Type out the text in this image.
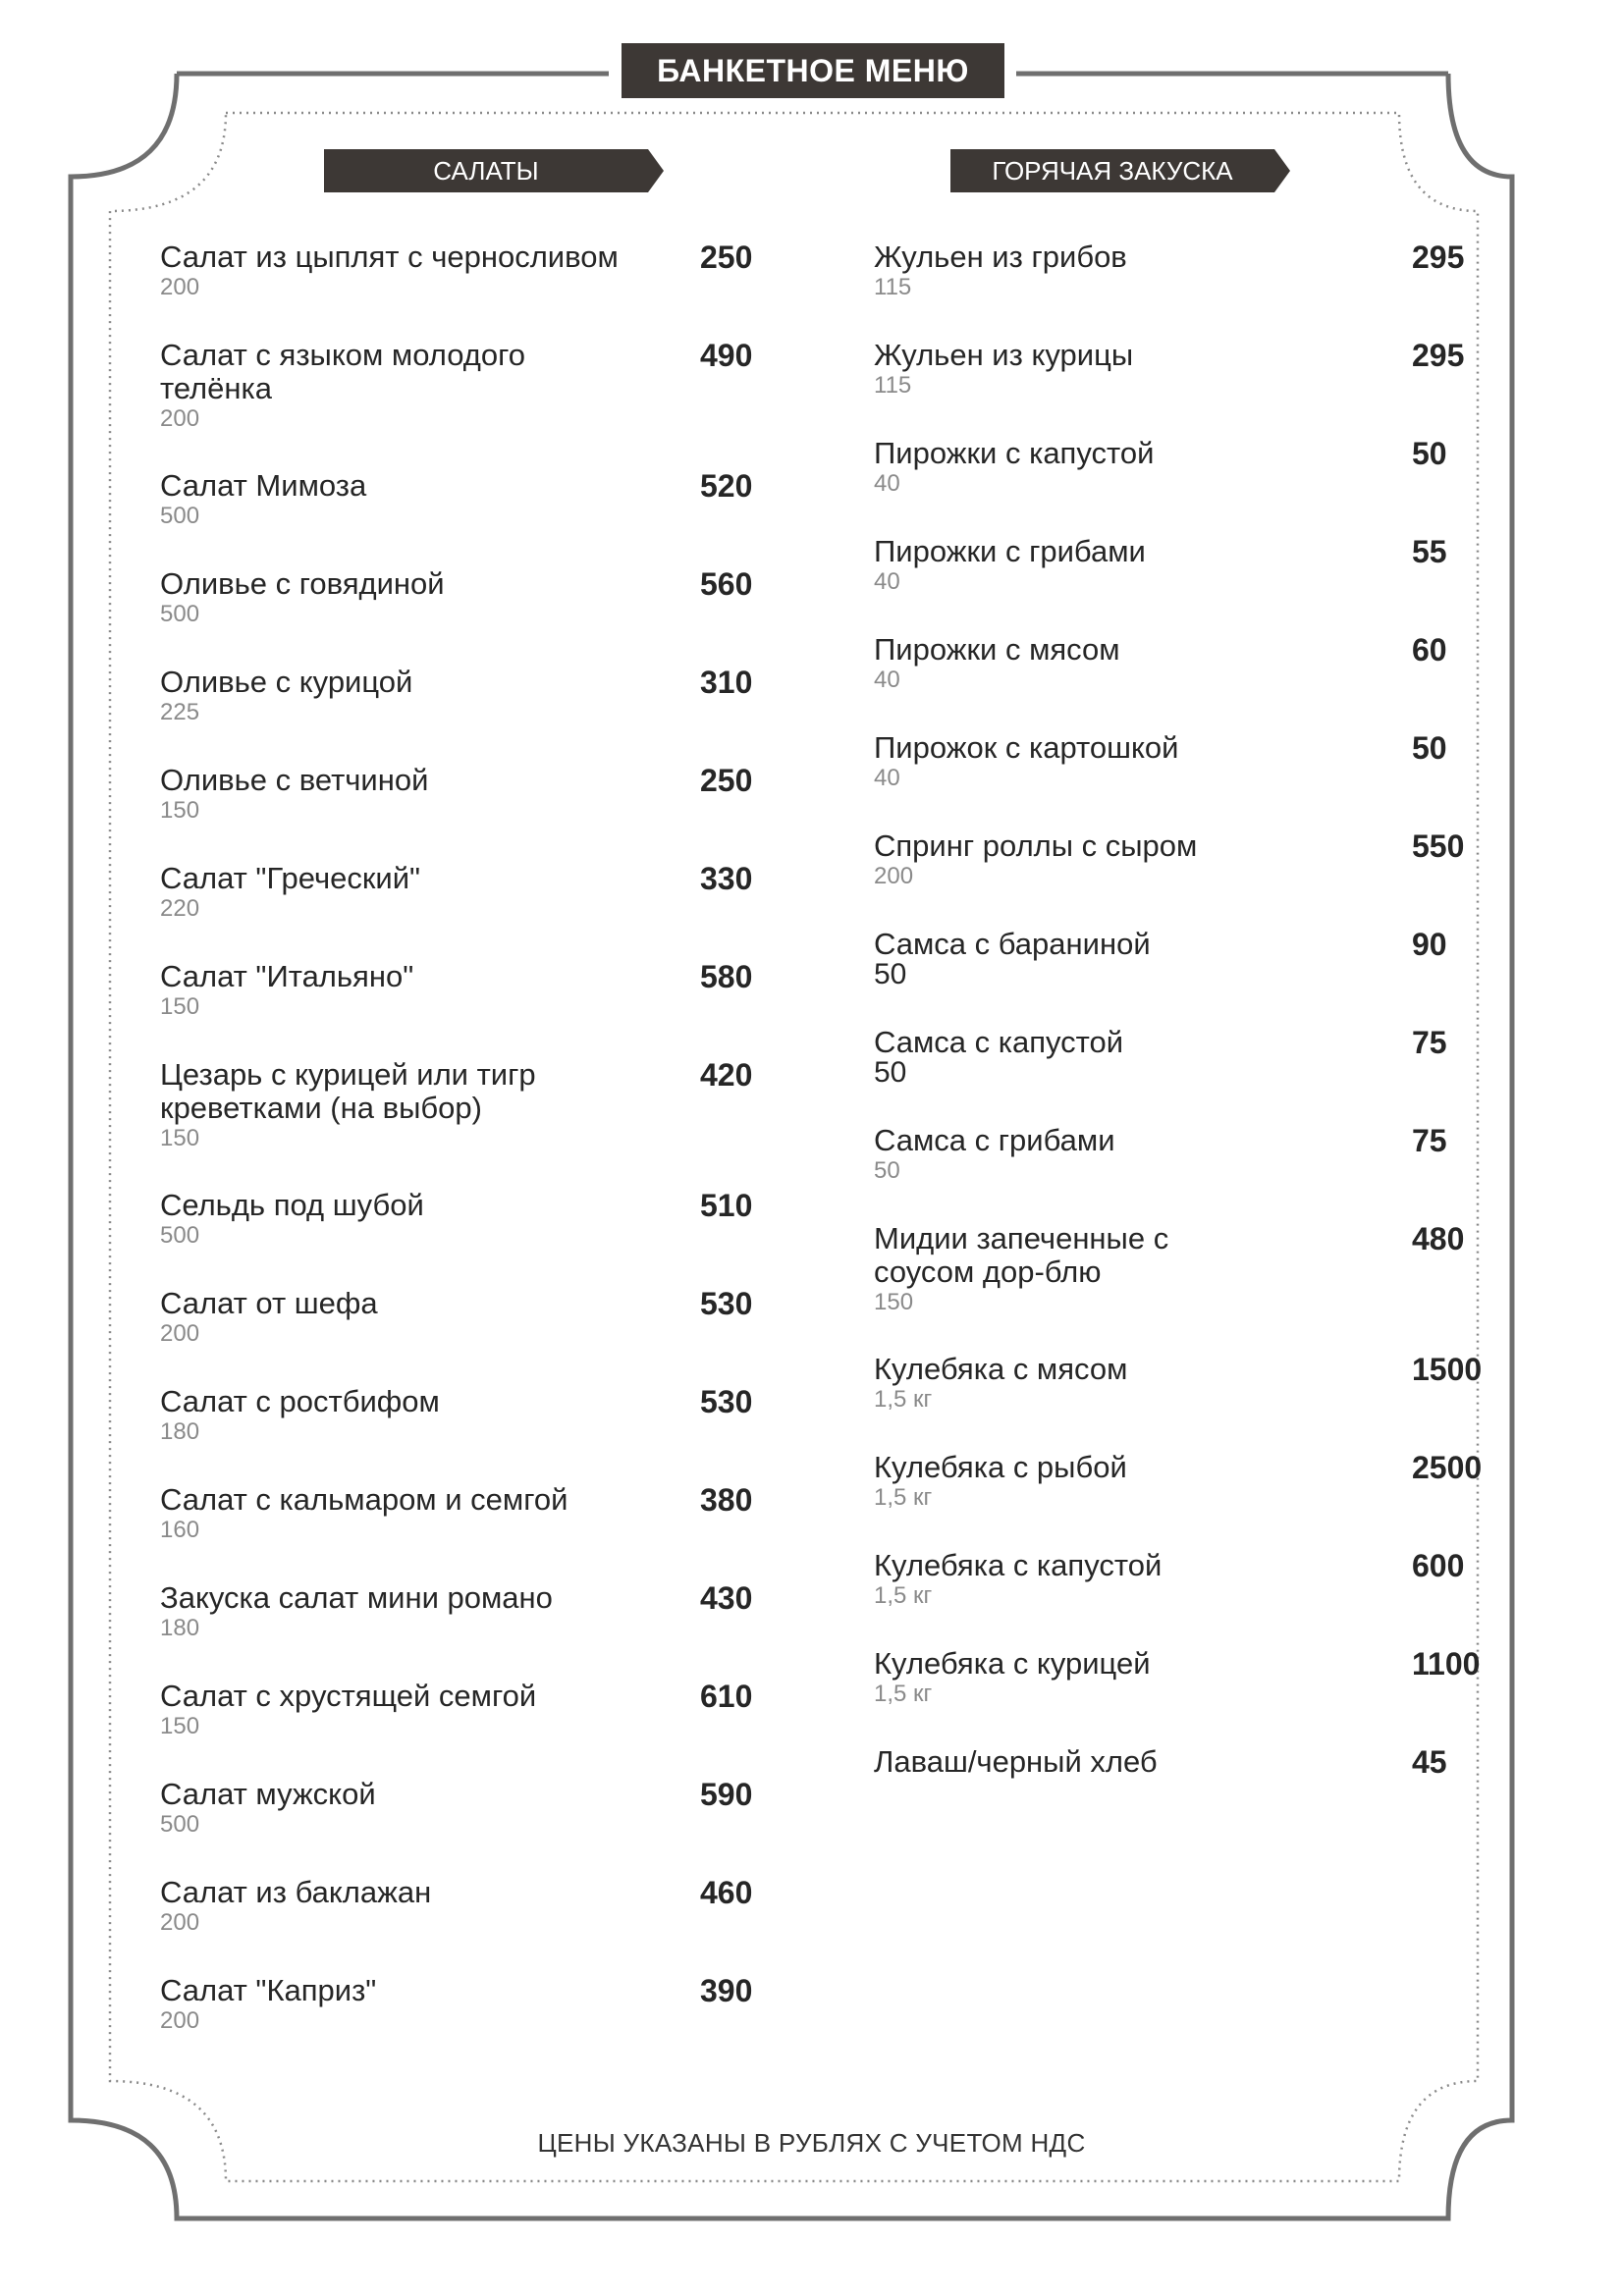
БАНКЕТНОЕ МЕНЮ
САЛАТЫ	ГОРЯЧАЯ ЗАКУСКА
Салат из цыплят с черносливом
200
250
Салат с языком молодого телёнка
200
490
Салат Мимоза
500
520
Оливье с говядиной
500
560
Оливье с курицой
225
310
Оливье с ветчиной
150
250
Салат "Греческий"
220
330
Салат "Итальяно"
150
580
Цезарь с курицей или тигр креветками (на выбор)
150
420
Сельдь под шубой
500
510
Салат от шефа
200
530
Салат с ростбифом
180
530
Салат с кальмаром и семгой
160
380
Закуска салат мини романо
180
430
Салат с хрустящей семгой
150
610
Салат мужской
500
590
Салат из баклажан
200
460
Салат "Каприз"
200
390
Жульен из грибов
115
295
Жульен из курицы
115
295
Пирожки с капустой
40
50
Пирожки с грибами
40
55
Пирожки с мясом
40
60
Пирожок с картошкой
40
50
Спринг роллы с сыром
200
550
Самса с бараниной
50
90
Самса с капустой
50
75
Самса с грибами
50
75
Мидии запеченные с соусом дор-блю
150
480
Кулебяка с мясом
1,5 кг
1500
Кулебяка с рыбой
1,5 кг
2500
Кулебяка с капустой
1,5 кг
600
Кулебяка с курицей
1,5 кг
1100
Лаваш/черный хлеб	45
ЦЕНЫ УКАЗАНЫ В РУБЛЯХ С УЧЕТОМ НДС
